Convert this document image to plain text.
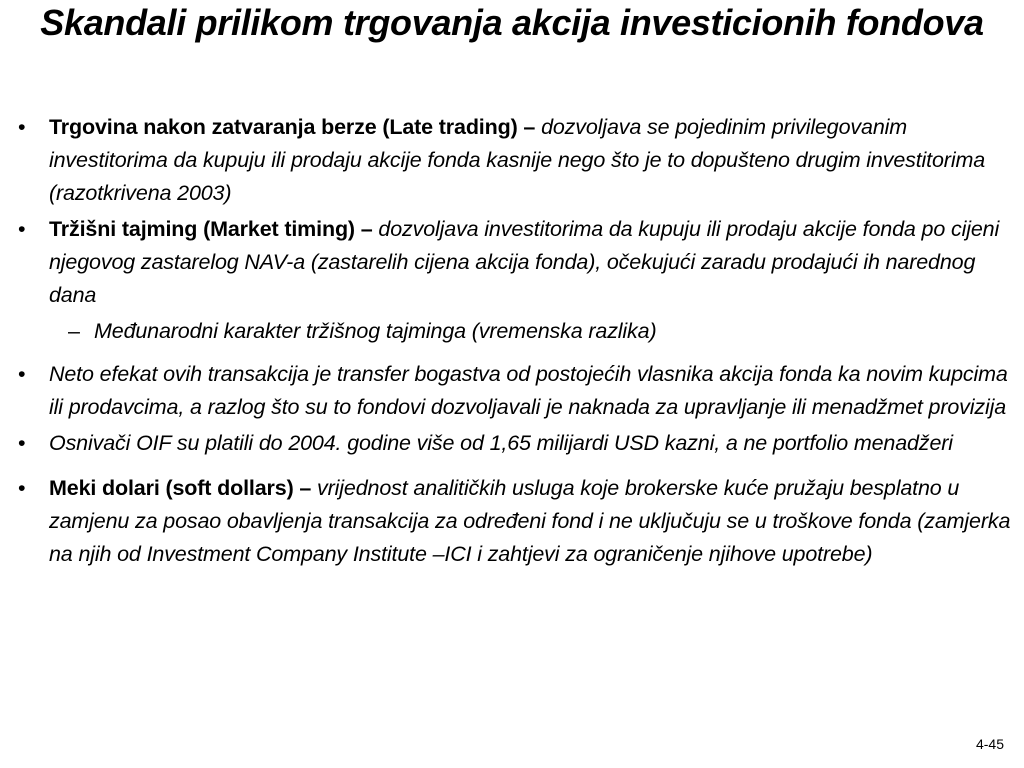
Skandali prilikom trgovanja akcija investicionih fondova
• Trgovina nakon zatvaranja berze (Late trading) – dozvoljava se pojedinim privilegovanim investitorima da kupuju ili prodaju akcije fonda kasnije nego što je to dopušteno drugim investitorima (razotkrivena 2003)
• Tržišni tajming (Market timing) – dozvoljava investitorima da kupuju ili prodaju akcije fonda po cijeni njegovog zastarelog NAV-a (zastarelih cijena akcija fonda), očekujući zaradu prodajući ih narednog dana
– Međunarodni karakter tržišnog tajminga (vremenska razlika)
• Neto efekat ovih transakcija je transfer bogastva od postojećih vlasnika akcija fonda ka novim kupcima ili prodavcima, a razlog što su to fondovi dozvoljavali je naknada za upravljanje ili menadžmet provizija
• Osnivači OIF su platili do 2004. godine više od 1,65 milijardi USD kazni, a ne portfolio menadžeri
• Meki dolari (soft dollars) – vrijednost analitičkih usluga koje brokerske kuće pružaju besplatno u zamjenu za posao obavljenja transakcija za određeni fond i ne uključuju se u troškove fonda (zamjerka na njih od Investment Company Institute –ICI i zahtjevi za ograničenje njihove upotrebe)
4-45
